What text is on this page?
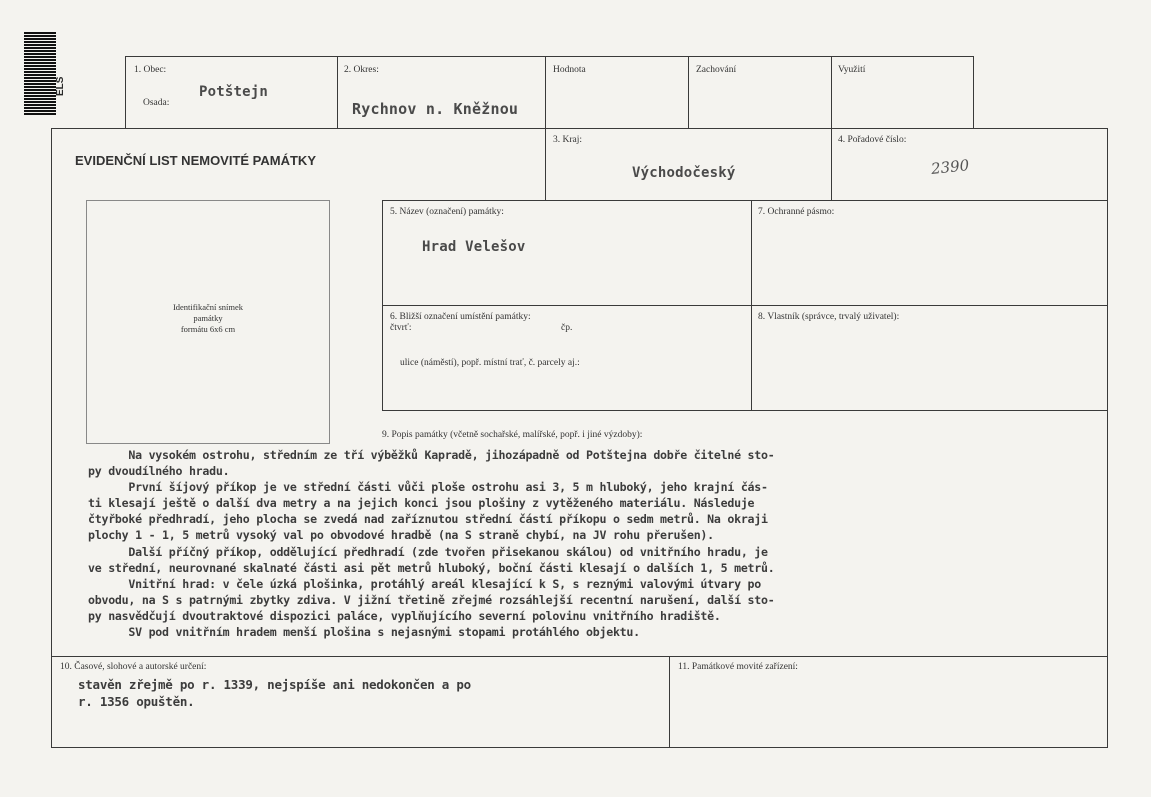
ELS
1. Obec:
Osada:
Potštejn
2. Okres:
Rychnov n. Kněžnou
Hodnota	Zachování	Využití
EVIDENČNÍ LIST NEMOVITÉ PAMÁTKY
3. Kraj:
Východočeský
4. Pořadové číslo:
2390
Identifikační snímek
památky
formátu 6x6 cm
5. Název (označení) památky:
Hrad Velešov
7. Ochranné pásmo:
6. Bližší označení umístění památky:
čtvrť:	čp.
ulice (náměstí), popř. místní trať, č. parcely aj.:
8. Vlastník (správce, trvalý uživatel):
9. Popis památky (včetně sochařské, malířské, popř. i jiné výzdoby):
Na vysokém ostrohu, středním ze tří výběžků Kapradě, jihozápadně od Potštejna dobře čitelné sto-
py dvoudílného hradu.
První šíjový příkop je ve střední části vůči ploše ostrohu asi 3, 5 m hluboký, jeho krajní čás-
ti klesají ještě o další dva metry a na jejich konci jsou plošiny z vytěženého materiálu. Následuje
čtyřboké předhradí, jeho plocha se zvedá nad zaříznutou střední částí příkopu o sedm metrů. Na okraji
plochy 1 - 1, 5 metrů vysoký val po obvodové hradbě (na S straně chybí, na JV rohu přerušen).
Další příčný příkop, oddělující předhradí (zde tvořen přisekanou skálou) od vnitřního hradu, je
ve střední, neurovnané skalnaté části asi pět metrů hluboký, boční části klesají o dalších 1, 5 metrů.
Vnitřní hrad: v čele úzká plošinka, protáhlý areál klesající k S, s reznými valovými útvary po
obvodu, na S s patrnými zbytky zdiva. V jižní třetině zřejmé rozsáhlejší recentní narušení, další sto-
py nasvědčují dvoutraktové dispozici paláce, vyplňujícího severní polovinu vnitřního hradiště.
SV pod vnitřním hradem menší plošina s nejasnými stopami protáhlého objektu.
10. Časové, slohové a autorské určení:
stavěn zřejmě po r. 1339, nejspíše ani nedokončen a po
r. 1356 opuštěn.
11. Památkové movité zařízení:
